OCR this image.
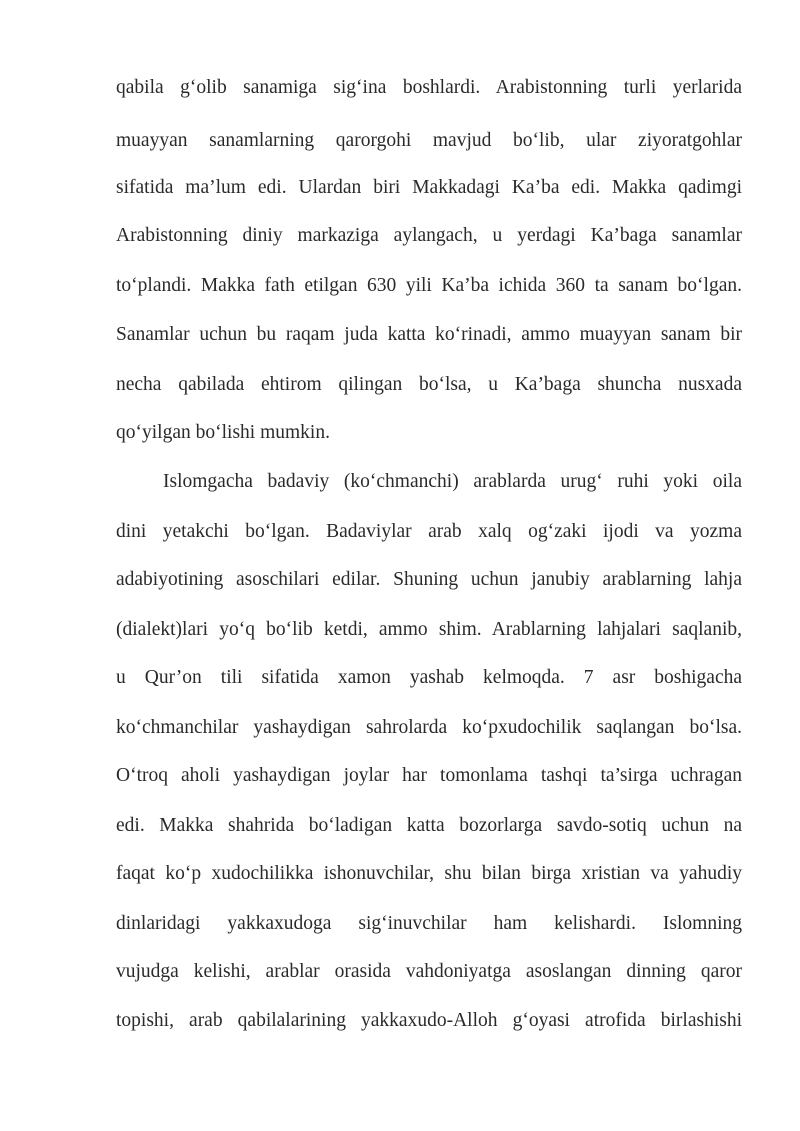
qabila g‘olib sanamiga sig‘ina boshlardi. Arabistonning turli yerlarida
muayyan sanamlarning qarorgohi mavjud bo‘lib, ular ziyoratgohlar
sifatida ma’lum edi. Ulardan biri Makkadagi Ka’ba edi. Makka qadimgi
Arabistonning diniy markaziga aylangach, u yerdagi Ka’baga sanamlar
to‘plandi. Makka fath etilgan 630 yili Ka’ba ichida 360 ta sanam bo‘lgan.
Sanamlar uchun bu raqam juda katta ko‘rinadi, ammo muayyan sanam bir
necha qabilada ehtirom qilingan bo‘lsa, u Ka’baga shuncha nusxada
qo‘yilgan bo‘lishi mumkin.
Islomgacha badaviy (ko‘chmanchi) arablarda urug‘ ruhi yoki oila
dini yetakchi bo‘lgan. Badaviylar arab xalq og‘zaki ijodi va yozma
adabiyotining asoschilari edilar. Shuning uchun janubiy arablarning lahja
(dialekt)lari yo‘q bo‘lib ketdi, ammo shim. Arablarning lahjalari saqlanib,
u Qur’on tili sifatida xamon yashab kelmoqda. 7 asr boshigacha
ko‘chmanchilar yashaydigan sahrolarda ko‘pxudochilik saqlangan bo‘lsa.
O‘troq aholi yashaydigan joylar har tomonlama tashqi ta’sirga uchragan
edi. Makka shahrida bo‘ladigan katta bozorlarga savdo-sotiq uchun na
faqat ko‘p xudochilikka ishonuvchilar, shu bilan birga xristian va yahudiy
dinlaridagi yakkaxudoga sig‘inuvchilar ham kelishardi. Islomning
vujudga kelishi, arablar orasida vahdoniyatga asoslangan dinning qaror
topishi, arab qabilalarining yakkaxudo-Alloh g‘oyasi atrofida birlashishi
